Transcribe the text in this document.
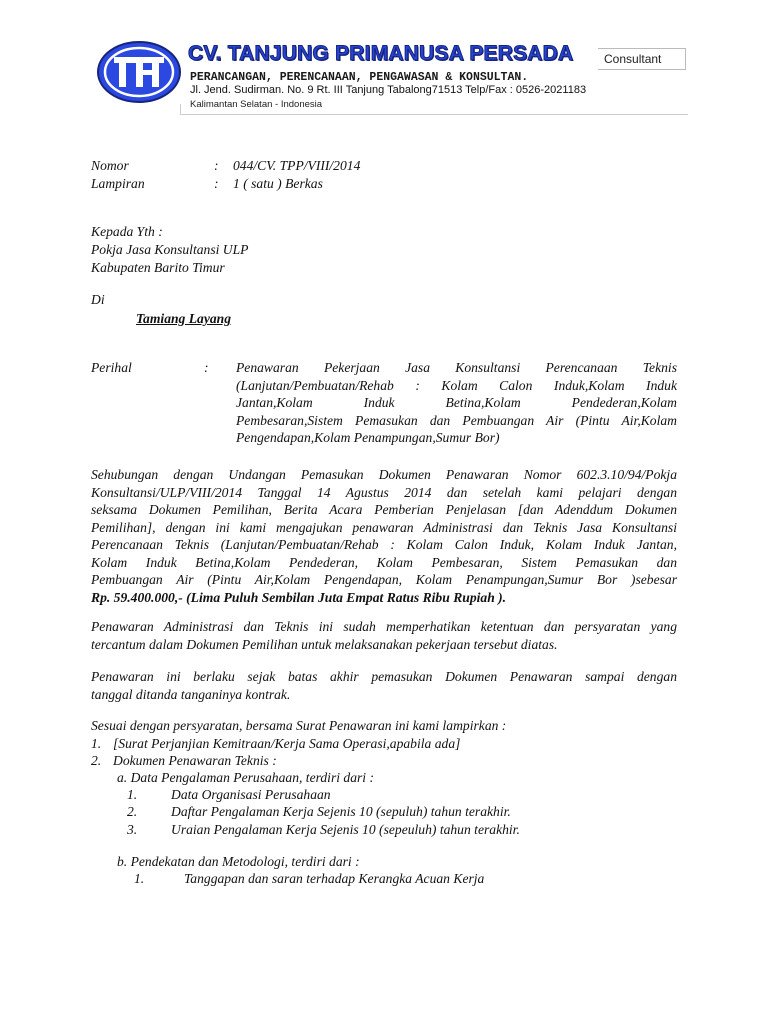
CV. TANJUNG PRIMANUSA PERSADA	Consultant
PERANCANGAN, PERENCANAAN, PENGAWASAN & KONSULTAN.
Jl. Jend. Sudirman. No. 9 Rt. III Tanjung Tabalong71513 Telp/Fax : 0526-2021183
Kalimantan Selatan - Indonesia
Nomor	: 044/CV. TPP/VIII/2014
Lampiran	: 1 ( satu ) Berkas
Kepada Yth :
Pokja Jasa Konsultansi ULP
Kabupaten Barito Timur
Di
Tamiang Layang
Perihal	: Penawaran Pekerjaan Jasa Konsultansi Perencanaan Teknis
(Lanjutan/Pembuatan/Rehab : Kolam Calon Induk,Kolam Induk
Jantan,Kolam Induk Betina,Kolam Pendederan,Kolam
Pembesaran,Sistem Pemasukan dan Pembuangan Air (Pintu Air,Kolam
Pengendapan,Kolam Penampungan,Sumur Bor)
Sehubungan dengan Undangan Pemasukan Dokumen Penawaran Nomor 602.3.10/94/Pokja
Konsultansi/ULP/VIII/2014 Tanggal 14 Agustus 2014 dan setelah kami pelajari dengan
seksama Dokumen Pemilihan, Berita Acara Pemberian Penjelasan [dan Adenddum Dokumen
Pemilihan], dengan ini kami mengajukan penawaran Administrasi dan Teknis Jasa Konsultansi
Perencanaan Teknis (Lanjutan/Pembuatan/Rehab : Kolam Calon Induk, Kolam Induk Jantan,
Kolam Induk Betina,Kolam Pendederan, Kolam Pembesaran, Sistem Pemasukan dan
Pembuangan Air (Pintu Air,Kolam Pengendapan, Kolam Penampungan,Sumur Bor )sebesar
Rp. 59.400.000,- (Lima Puluh Sembilan Juta Empat Ratus Ribu Rupiah ).
Penawaran Administrasi dan Teknis ini sudah memperhatikan ketentuan dan persyaratan yang
tercantum dalam Dokumen Pemilihan untuk melaksanakan pekerjaan tersebut diatas.
Penawaran ini berlaku sejak batas akhir pemasukan Dokumen Penawaran sampai dengan
tanggal ditanda tanganinya kontrak.
Sesuai dengan persyaratan, bersama Surat Penawaran ini kami lampirkan :
1. [Surat Perjanjian Kemitraan/Kerja Sama Operasi,apabila ada]
2. Dokumen Penawaran Teknis :
a. Data Pengalaman Perusahaan, terdiri dari :
1. Data Organisasi Perusahaan
2. Daftar Pengalaman Kerja Sejenis 10 (sepuluh) tahun terakhir.
3. Uraian Pengalaman Kerja Sejenis 10 (sepeuluh) tahun terakhir.
b. Pendekatan dan Metodologi, terdiri dari :
1.	Tanggapan dan saran terhadap Kerangka Acuan Kerja
